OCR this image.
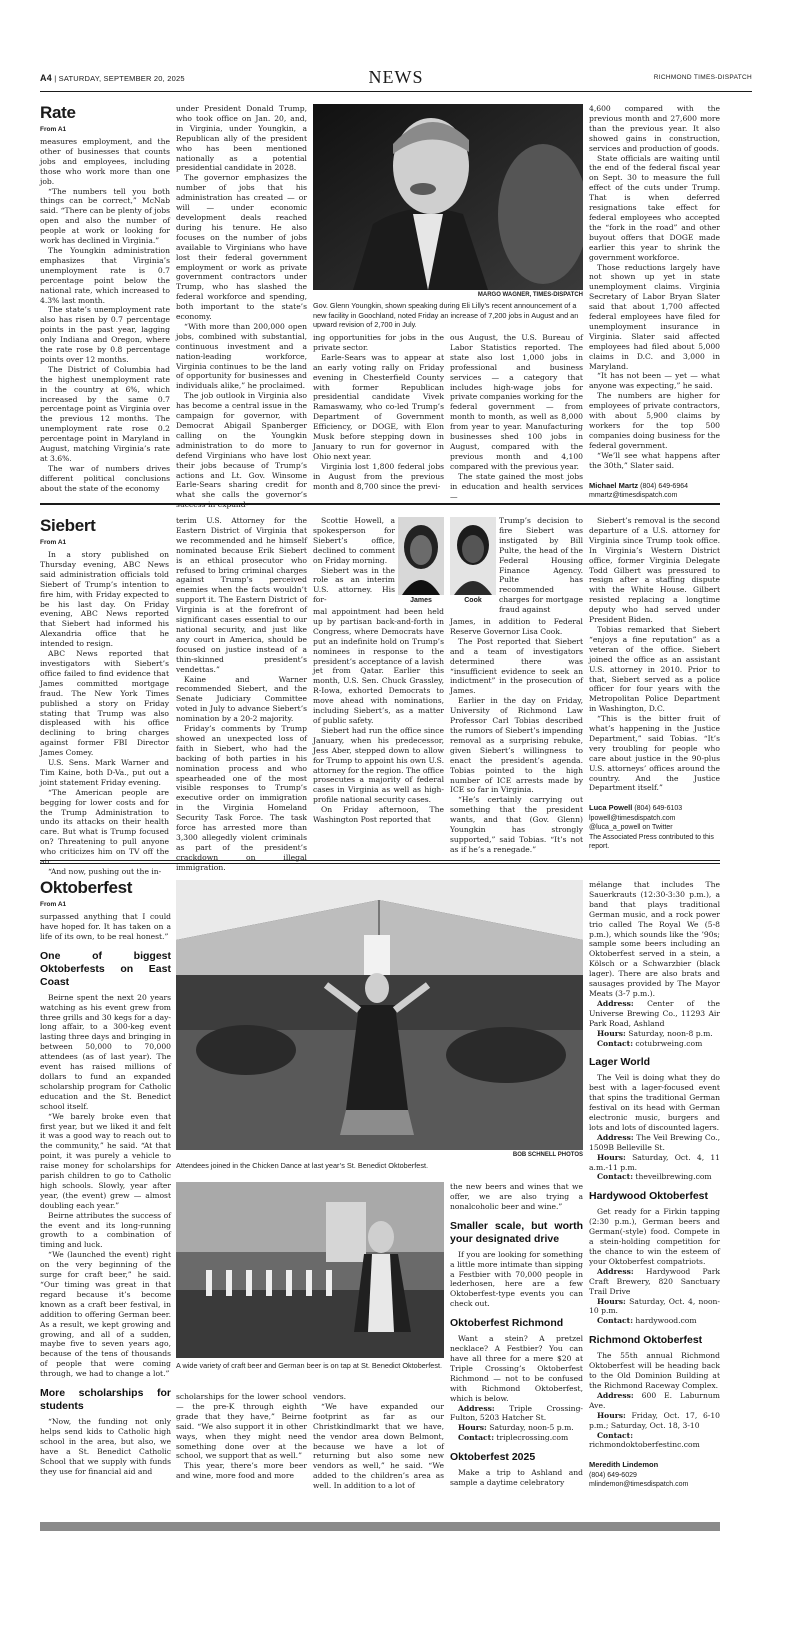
A4 | SATURDAY, SEPTEMBER 20, 2025	NEWS	RICHMOND TIMES-DISPATCH
Rate
From A1

measures employment, and the other of businesses that counts jobs and employees, including those who work more than one job.

“The numbers tell you both things can be correct,” McNab said. “There can be plenty of jobs open and also the number of people at work or looking for work has declined in Virginia.”

The Youngkin administration emphasizes that Virginia’s unemployment rate is 0.7 percentage point below the national rate, which increased to 4.3% last month.

The state’s unemployment rate also has risen by 0.7 percentage points in the past year, lagging only Indiana and Oregon, where the rate rose by 0.8 percentage points over 12 months.

The District of Columbia had the highest unemployment rate in the country at 6%, which increased by the same 0.7 percentage point as Virginia over the previous 12 months. The unemployment rate rose 0.2 percentage point in Maryland in August, matching Virginia’s rate at 3.6%.

The war of numbers drives different political conclusions about the state of the economy

under President Donald Trump, who took office on Jan. 20, and, in Virginia, under Youngkin, a Republican ally of the president who has been mentioned nationally as a potential presidential candidate in 2028.

The governor emphasizes the number of jobs that his administration has created — or will — under economic development deals reached during his tenure. He also focuses on the number of jobs available to Virginians who have lost their federal government employment or work as private government contractors under Trump, who has slashed the federal workforce and spending, both important to the state’s economy.

“With more than 200,000 open jobs, combined with substantial, continuous investment and a nation-leading workforce, Virginia continues to be the land of opportunity for businesses and individuals alike,” he proclaimed.

The job outlook in Virginia also has become a central issue in the campaign for governor, with Democrat Abigail Spanberger calling on the Youngkin administration to do more to defend Virginians who have lost their jobs because of Trump’s actions and Lt. Gov. Winsome Earle-Sears sharing credit for what she calls the governor’s

MARGO WAGNER, TIMES-DISPATCH
Gov. Glenn Youngkin, shown speaking during Eli Lilly’s recent announcement of a new facility in Goochland, noted Friday an increase of 7,200 jobs in August and an upward revision of 2,700 in July.

ing opportunities for jobs in the private sector.

Earle-Sears was to appear at an early voting rally on Friday evening in Chesterfield County with former Republican presidential candidate Vivek Ramaswamy, who co-led Trump’s Department of Government Efficiency, or DOGE, with Elon Musk before stepping down in January to run for governor in Ohio next year.

Virginia lost 1,800 federal jobs in August from the previous month and 8,700 since the previ-

ous August, the U.S. Bureau of Labor Statistics reported. The state also lost 1,000 jobs in professional and business services — a category that includes high-wage jobs for private companies working for the federal government — from month to month, as well as 8,000 from year to year. Manufacturing businesses shed 100 jobs in August, compared with the previous month and 4,100 compared with the previous year.

The state gained the most jobs in education and health services —

4,600 compared with the previous month and 27,600 more than the previous year. It also showed gains in construction, services and production of goods.

State officials are waiting until the end of the federal fiscal year on Sept. 30 to measure the full effect of the cuts under Trump. That is when deferred resignations take effect for federal employees who accepted the “fork in the road” and other buyout offers that DOGE made earlier this year to shrink the government workforce.

Those reductions largely have not shown up yet in state unemployment claims. Virginia Secretary of Labor Bryan Slater said that about 1,700 affected federal employees have filed for unemployment insurance in Virginia. Slater said affected employees had filed about 5,000 claims in D.C. and 3,000 in Maryland.

“It has not been — yet — what anyone was expecting,” he said.

The numbers are higher for employees of private contractors, with about 5,900 claims by workers for the top 500 companies doing business for the federal government.

“We’ll see what happens after the 30th,” Slater said.

Michael Martz (804) 649-6964
mmartz@timesdispatch.com
Siebert
From A1

In a story published on Thursday evening, ABC News said administration officials told Siebert of Trump’s intention to fire him, with Friday expected to be his last day. On Friday evening, ABC News reported that Siebert had informed his Alexandria office that he intended to resign.

ABC News reported that investigators with Siebert’s office failed to find evidence that James committed mortgage fraud. The New York Times published a story on Friday stating that Trump was also displeased with his office declining to bring charges against former FBI Director James Comey.

U.S. Sens. Mark Warner and Tim Kaine, both D-Va., put out a joint statement Friday evening.

“The American people are begging for lower costs and for the Trump Administration to undo its attacks on their health care. But what is Trump focused on? Threatening to pull anyone who criticizes him on TV off the air.

“And now, pushing out the in-

terim U.S. Attorney for the Eastern District of Virginia that we recommended and he himself nominated because Erik Siebert is an ethical prosecutor who refused to bring criminal charges against Trump’s perceived enemies when the facts wouldn’t support it. The Eastern District of Virginia is at the forefront of significant cases essential to our national security, and just like any court in America, should be focused on justice instead of a thin-skinned president’s vendettas.”

Kaine and Warner recommended Siebert, and the Senate Judiciary Committee voted in July to advance Siebert’s nomination by a 20-2 majority.

Friday’s comments by Trump showed an unexpected loss of faith in Siebert, who had the backing of both parties in his nomination process and who spearheaded one of the most visible responses to Trump’s executive order on immigration in the Virginia Homeland Security Task Force. The task force has arrested more than 3,300 allegedly violent criminals as part of the president’s crackdown on illegal immigration.

Scottie Howell, a spokesperson for Siebert’s office, declined to comment on Friday morning.

Siebert was in the role as an interim U.S. attorney. His for-	James	Cook

mal appointment had been held up by partisan back-and-forth in Congress, where Democrats have put an indefinite hold on Trump’s nominees in response to the president’s acceptance of a lavish jet from Qatar. Earlier this month, U.S. Sen. Chuck Grassley, R-Iowa, exhorted Democrats to move ahead with nominations, including Siebert’s, as a matter of public safety.

Siebert had run the office since January, when his predecessor, Jess Aber, stepped down to allow for Trump to appoint his own U.S. attorney for the region. The office prosecutes a majority of federal cases in Virginia as well as high-profile national security cases.

On Friday afternoon, The Washington Post reported that

Trump’s decision to fire Siebert was instigated by Bill Pulte, the head of the Federal Housing Finance Agency. Pulte has recommended charges for mortgage fraud against

James, in addition to Federal Reserve Governor Lisa Cook.

The Post reported that Siebert and a team of investigators determined there was “insufficient evidence to seek an indictment” in the prosecution of James.

Earlier in the day on Friday, University of Richmond Law Professor Carl Tobias described the rumors of Siebert’s impending removal as a surprising rebuke, given Siebert’s willingness to enact the president’s agenda. Tobias pointed to the high number of ICE arrests made by ICE so far in Virginia.

“He’s certainly carrying out something that the president wants, and that (Gov. Glenn) Youngkin has strongly supported,” said Tobias. “It’s not as if he’s a renegade.”

Siebert’s removal is the second departure of a U.S. attorney for Virginia since Trump took office. In Virginia’s Western District office, former Virginia Delegate Todd Gilbert was pressured to resign after a staffing dispute with the White House. Gilbert resisted replacing a longtime deputy who had served under President Biden.

Tobias remarked that Siebert “enjoys a fine reputation” as a veteran of the office. Siebert joined the office as an assistant U.S. attorney in 2010. Prior to that, Siebert served as a police officer for four years with the Metropolitan Police Department in Washington, D.C.

“This is the bitter fruit of what’s happening in the Justice Department,” said Tobias. “It’s very troubling for people who care about justice in the 90-plus U.S. attorneys’ offices around the country. And the Justice Department itself.”

Luca Powell (804) 649-6103
lpowell@timesdispatch.com
@luca_a_powell on Twitter
The Associated Press contributed to this report.
Oktoberfest
From A1

surpassed anything that I could have hoped for. It has taken on a life of its own, to be real honest.”

One of biggest Oktoberfests on East Coast

Beirne spent the next 20 years watching as his event grew from three grills and 30 kegs for a day-long affair, to a 300-keg event lasting three days and bringing in between 50,000 to 70,000 attendees (as of last year). The event has raised millions of dollars to fund an expanded scholarship program for Catholic education and the St. Benedict school itself.

“We barely broke even that first year, but we liked it and felt it was a good way to reach out to the community,” he said. “At that point, it was purely a vehicle to raise money for scholarships for parish children to go to Catholic high schools. Slowly, year after year, (the event) grew — almost doubling each year.”

Beirne attributes the success of the event and its long-running growth to a combination of timing and luck.

“We (launched the event) right on the very beginning of the surge for craft beer,” he said. “Our timing was great in that regard because it’s become known as a craft beer festival, in addition to offering German beer. As a result, we kept growing and growing, and all of a sudden, maybe five to seven years ago, because of the tens of thousands of people that were coming through, we had to change a lot.”

More scholarships for students

“Now, the funding not only helps send kids to Catholic high school in the area, but also, we have a St. Benedict Catholic School that we supply with funds they use for financial aid and

BOB SCHNELL PHOTOS
Attendees joined in the Chicken Dance at last year’s St. Benedict Oktoberfest.
A wide variety of craft beer and German beer is on tap at St. Benedict Oktoberfest.

scholarships for the lower school — the pre-K through eighth grade that they have,” Beirne said. “We also support it in other ways, when they might need something done over at the school, we support that as well.”

This year, there’s more beer and wine, more food and more

vendors.

“We have expanded our footprint as far as our Christkindlmarkt that we have, the vendor area down Belmont, because we have a lot of returning but also some new vendors as well,” he said. “We added to the children’s area as well. In addition to a lot of

the new beers and wines that we offer, we are also trying a nonalcoholic beer and wine.”

Smaller scale, but worth your designated drive

If you are looking for something a little more intimate than sipping a Festbier with 70,000 people in lederhosen, here are a few Oktoberfest-type events you can check out.

Oktoberfest Richmond

Want a stein? A pretzel necklace? A Festbier? You can have all three for a mere $20 at Triple Crossing’s Oktoberfest Richmond — not to be confused with Richmond Oktoberfest, which is below.

Address: Triple Crossing-Fulton, 5203 Hatcher St.

Hours: Saturday, noon-5 p.m.

Contact: triplecrossing.com

Oktoberfest 2025

Make a trip to Ashland and sample a daytime celebratory

mélange that includes The Sauerkrauts (12:30-3:30 p.m.), a band that plays traditional German music, and a rock power trio called The Royal We (5-8 p.m.), which sounds like the ’90s; sample some beers including an Oktoberfest served in a stein, a Kölsch or a Schwarzbier (black lager). There are also brats and sausages provided by The Mayor Meats (3-7 p.m.).

Address: Center of the Universe Brewing Co., 11293 Air Park Road, Ashland

Hours: Saturday, noon-8 p.m.

Contact: cotubrweing.com

Lager World

The Veil is doing what they do best with a lager-focused event that spins the traditional German festival on its head with German electronic music, burgers and lots and lots of discounted lagers.

Address: The Veil Brewing Co., 1509B Belleville St.

Hours: Saturday, Oct. 4, 11 a.m.-11 p.m.

Contact: theveilbrewing.com

Hardywood Oktoberfest

Get ready for a Firkin tapping (2:30 p.m.), German beers and German(-style) food. Compete in a stein-holding competition for the chance to win the esteem of your Oktoberfest compatriots.

Address: Hardywood Park Craft Brewery, 820 Sanctuary Trail Drive

Hours: Saturday, Oct. 4, noon-10 p.m.

Contact: hardywood.com

Richmond Oktoberfest

The 55th annual Richmond Oktoberfest will be heading back to the Old Dominion Building at the Richmond Raceway Complex.

Address: 600 E. Laburnum Ave.

Hours: Friday, Oct. 17, 6-10 p.m.; Saturday, Oct. 18, 3-10

Contact: richmondoktoberfestinc.com

Meredith Lindemon
(804) 649-6029
mlindemon@timesdispatch.com
